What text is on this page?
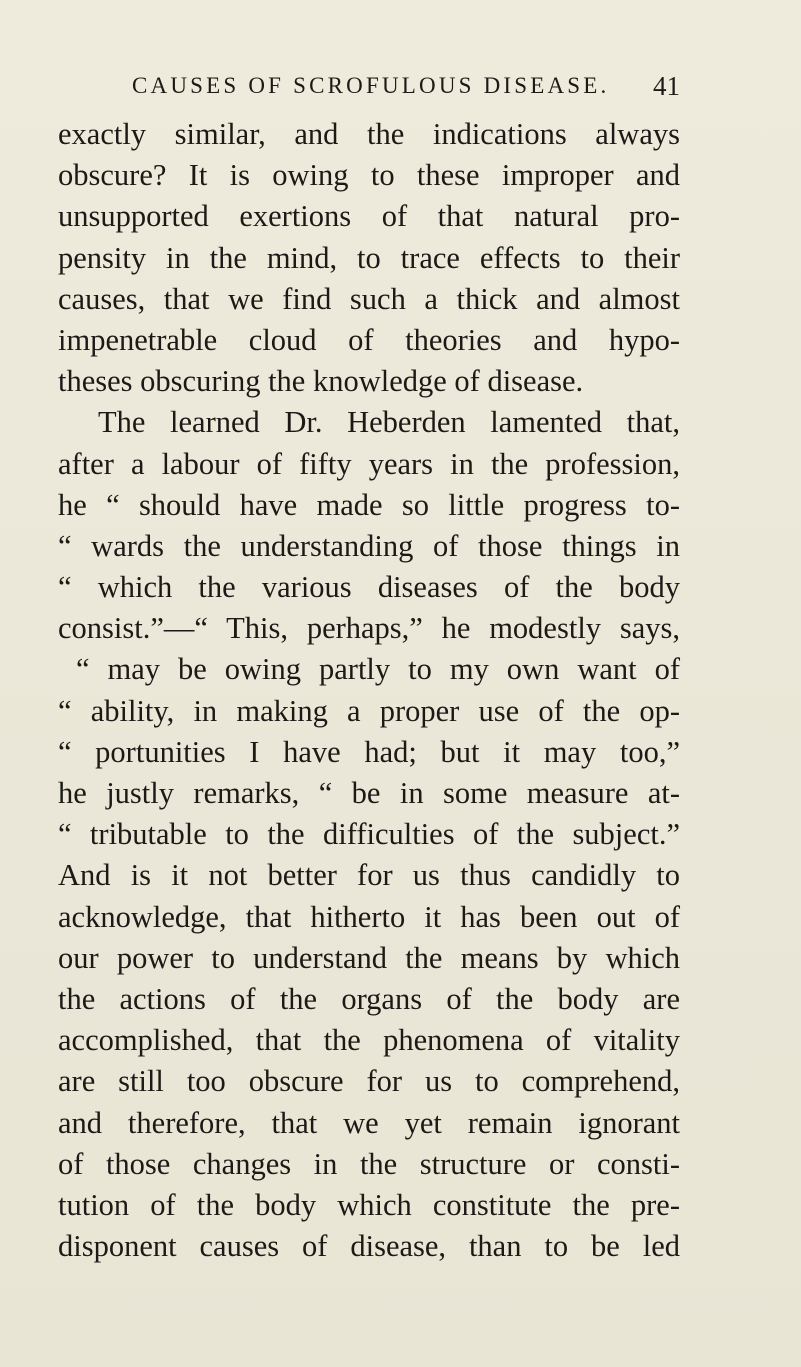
CAUSES OF SCROFULOUS DISEASE. 41
exactly similar, and the indications always
obscure? It is owing to these improper and
unsupported exertions of that natural pro-
pensity in the mind, to trace effects to their
causes, that we find such a thick and almost
impenetrable cloud of theories and hypo-
theses obscuring the knowledge of disease.
The learned Dr. Heberden lamented that,
after a labour of fifty years in the profession,
he “ should have made so little progress to-
“ wards the understanding of those things in
“ which the various diseases of the body
consist.”—“ This, perhaps,” he modestly says,
“ may be owing partly to my own want of
“ ability, in making a proper use of the op-
“ portunities I have had; but it may too,”
he justly remarks, “ be in some measure at-
“ tributable to the difficulties of the subject.”
And is it not better for us thus candidly to
acknowledge, that hitherto it has been out of
our power to understand the means by which
the actions of the organs of the body are
accomplished, that the phenomena of vitality
are still too obscure for us to comprehend,
and therefore, that we yet remain ignorant
of those changes in the structure or consti-
tution of the body which constitute the pre-
disponent causes of disease, than to be led
